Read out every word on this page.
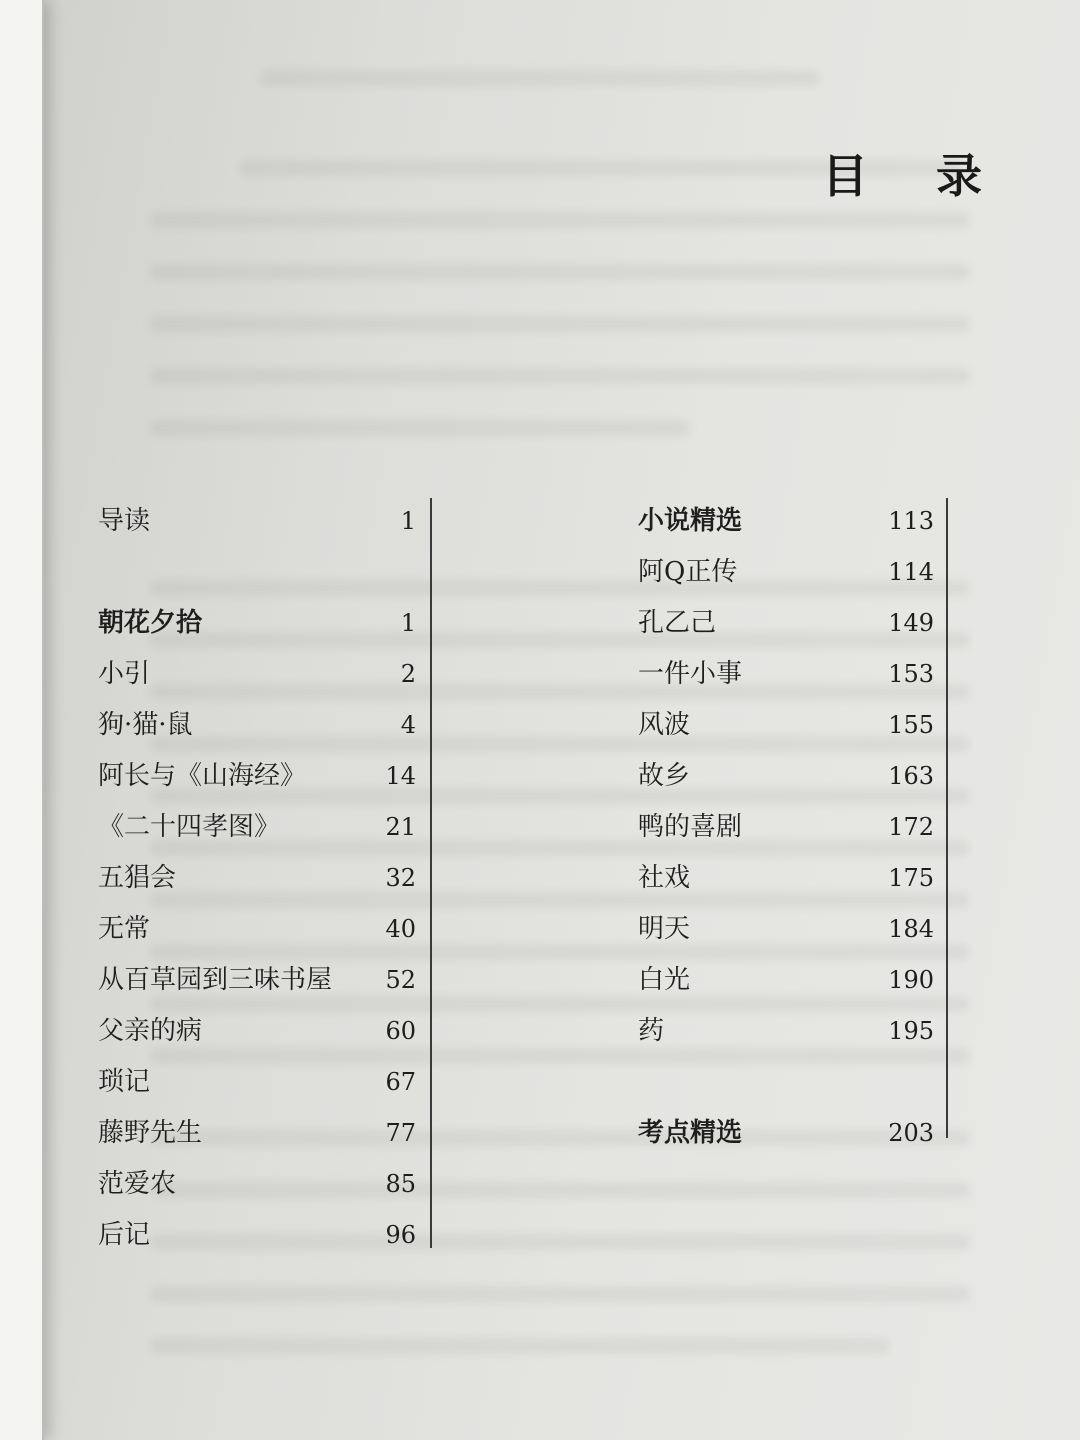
目 录
导读	1
朝花夕拾	1
小引	2
狗·猫·鼠	4
阿长与《山海经》	14
《二十四孝图》	21
五猖会	32
无常	40
从百草园到三味书屋 52
父亲的病	60
琐记	67
藤野先生	77
范爱农	85
后记	96
小说精选	113
阿Q正传	114
孔乙己	149
一件小事	153
风波	155
故乡	163
鸭的喜剧	172
社戏	175
明天	184
白光	190
药	195
考点精选	203
